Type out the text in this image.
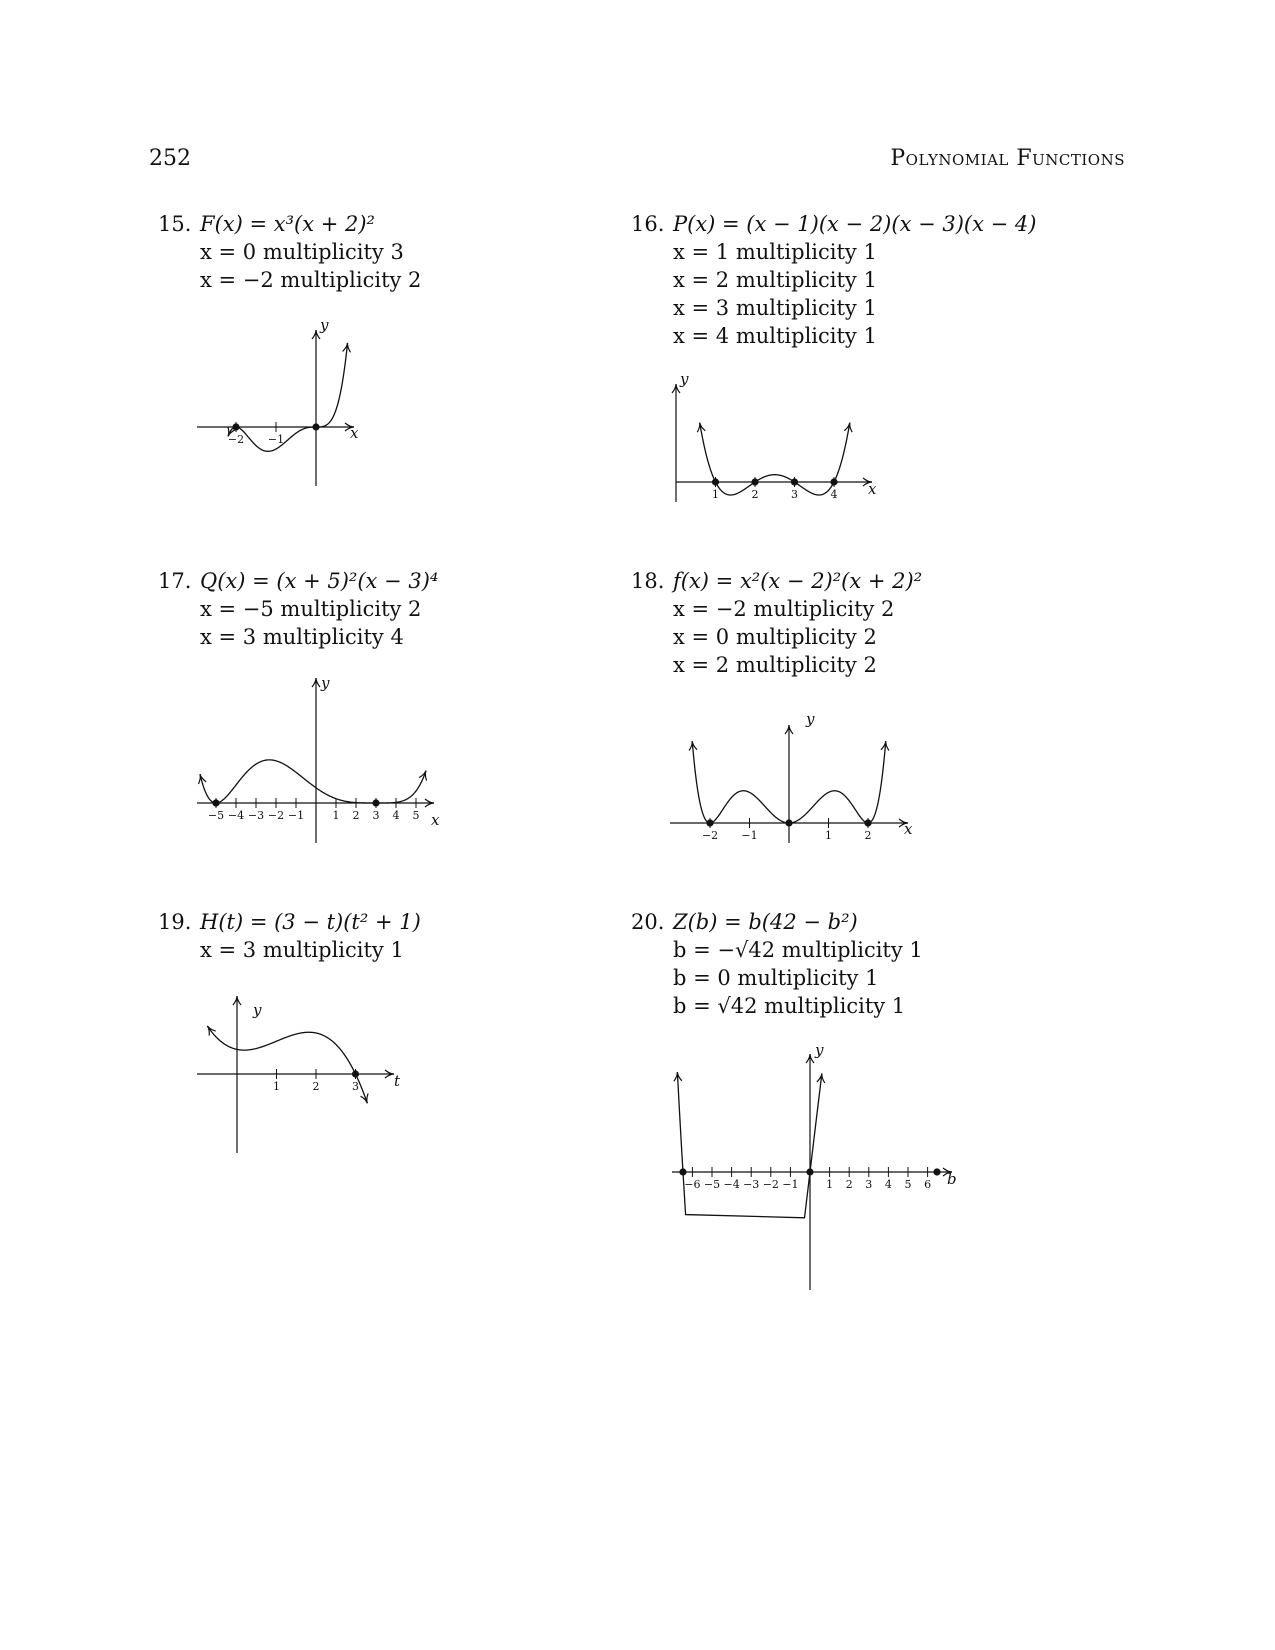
252	Polynomial Functions
15. F(x) = x³(x + 2)²
x = 0 multiplicity 3
x = −2 multiplicity 2
16. P(x) = (x − 1)(x − 2)(x − 3)(x − 4)
x = 1 multiplicity 1
x = 2 multiplicity 1
x = 3 multiplicity 1
x = 4 multiplicity 1
17. Q(x) = (x + 5)²(x − 3)⁴
x = −5 multiplicity 2
x = 3 multiplicity 4
18. f(x) = x²(x − 2)²(x + 2)²
x = −2 multiplicity 2
x = 0 multiplicity 2
x = 2 multiplicity 2
19. H(t) = (3 − t)(t² + 1)
x = 3 multiplicity 1
20. Z(b) = b(42 − b²)
b = −√42 multiplicity 1
b = 0 multiplicity 1
b = √42 multiplicity 1
x
y
−2 −1
x
y
1	2	3	4
x
y
−5 −4 −3 −2 −1	1 2 3 4 5
x
y
−2 −1	1	2
t
y
1	2	3
b
y
−6 −5 −4 −3 −2 −1	1 2 3 4 5 6
